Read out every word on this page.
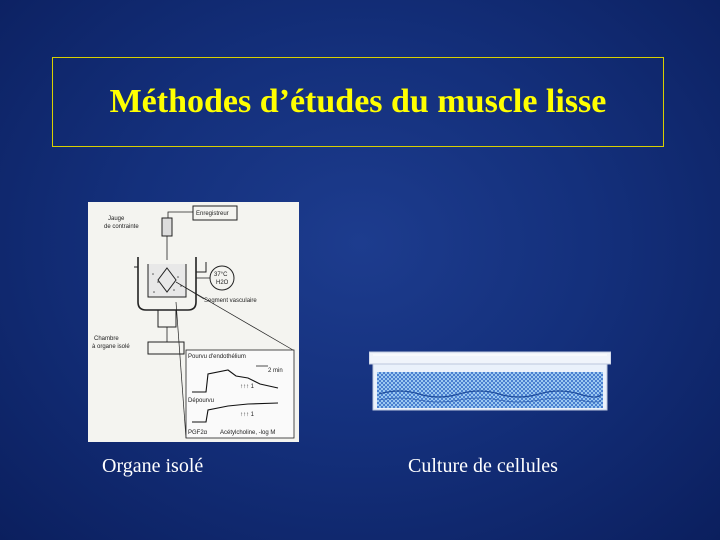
Méthodes d’études du muscle lisse
Enregistreur
Jauge
de contrainte
37°C
H2O
Segment vasculaire
Chambre
à organe isolé
Pourvu d'endothélium
2 min
↑↑↑ 1
Dépourvu
↑↑↑ 1
PGF2α Acétylcholine, -log M
Organe isolé	Culture de cellules
